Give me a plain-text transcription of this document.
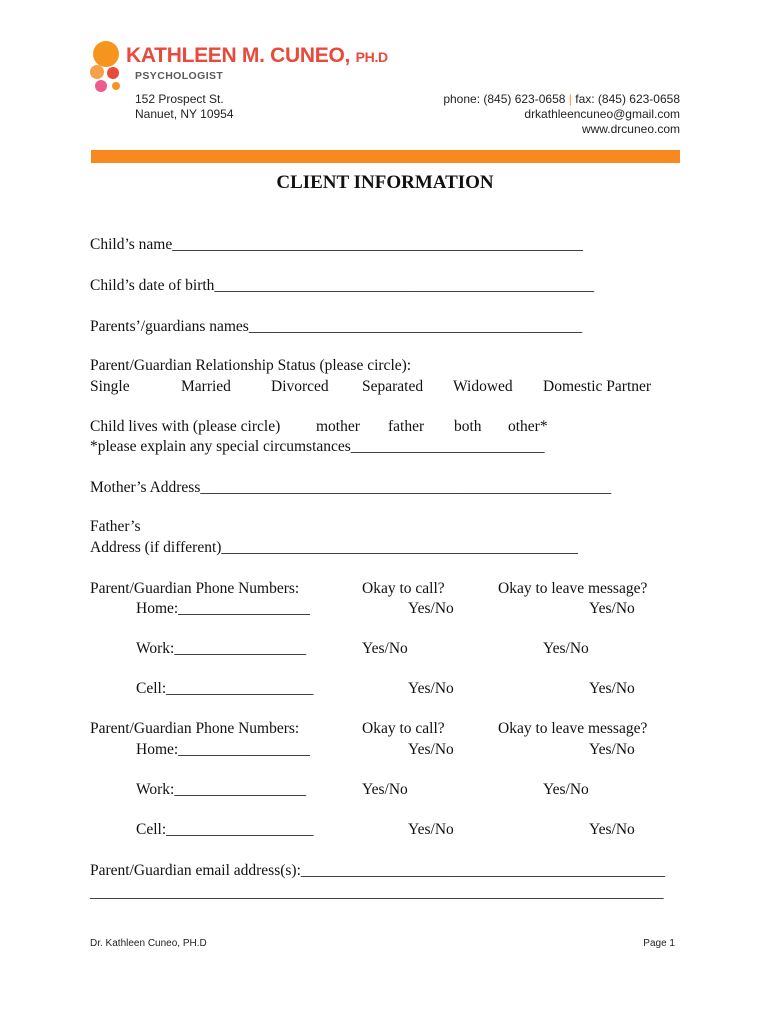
KATHLEEN M. CUNEO, PH.D
PSYCHOLOGIST
152 Prospect St.
Nanuet, NY 10954
phone: (845) 623-0658 | fax: (845) 623-0658
drkathleencuneo@gmail.com
www.drcuneo.com
CLIENT INFORMATION
Child’s name_____________________________________________________
Child’s date of birth_________________________________________________
Parents’/guardians names___________________________________________
Parent/Guardian Relationship Status (please circle):
Single	Married	Divorced Separated Widowed Domestic Partner
Child lives with (please circle) mother father both other*
*please explain any special circumstances_________________________
Mother’s Address_____________________________________________________
Father’s
Address (if different)______________________________________________
Parent/Guardian Phone Numbers:	Okay to call?	Okay to leave message?
Home:_________________	Yes/No	Yes/No
Work:_________________	Yes/No	Yes/No
Cell:___________________	Yes/No	Yes/No
Parent/Guardian Phone Numbers:	Okay to call?	Okay to leave message?
Home:_________________	Yes/No	Yes/No
Work:_________________	Yes/No	Yes/No
Cell:___________________	Yes/No	Yes/No
Parent/Guardian email address(s):_______________________________________________
__________________________________________________________________________
Dr. Kathleen Cuneo, PH.D	Page 1
